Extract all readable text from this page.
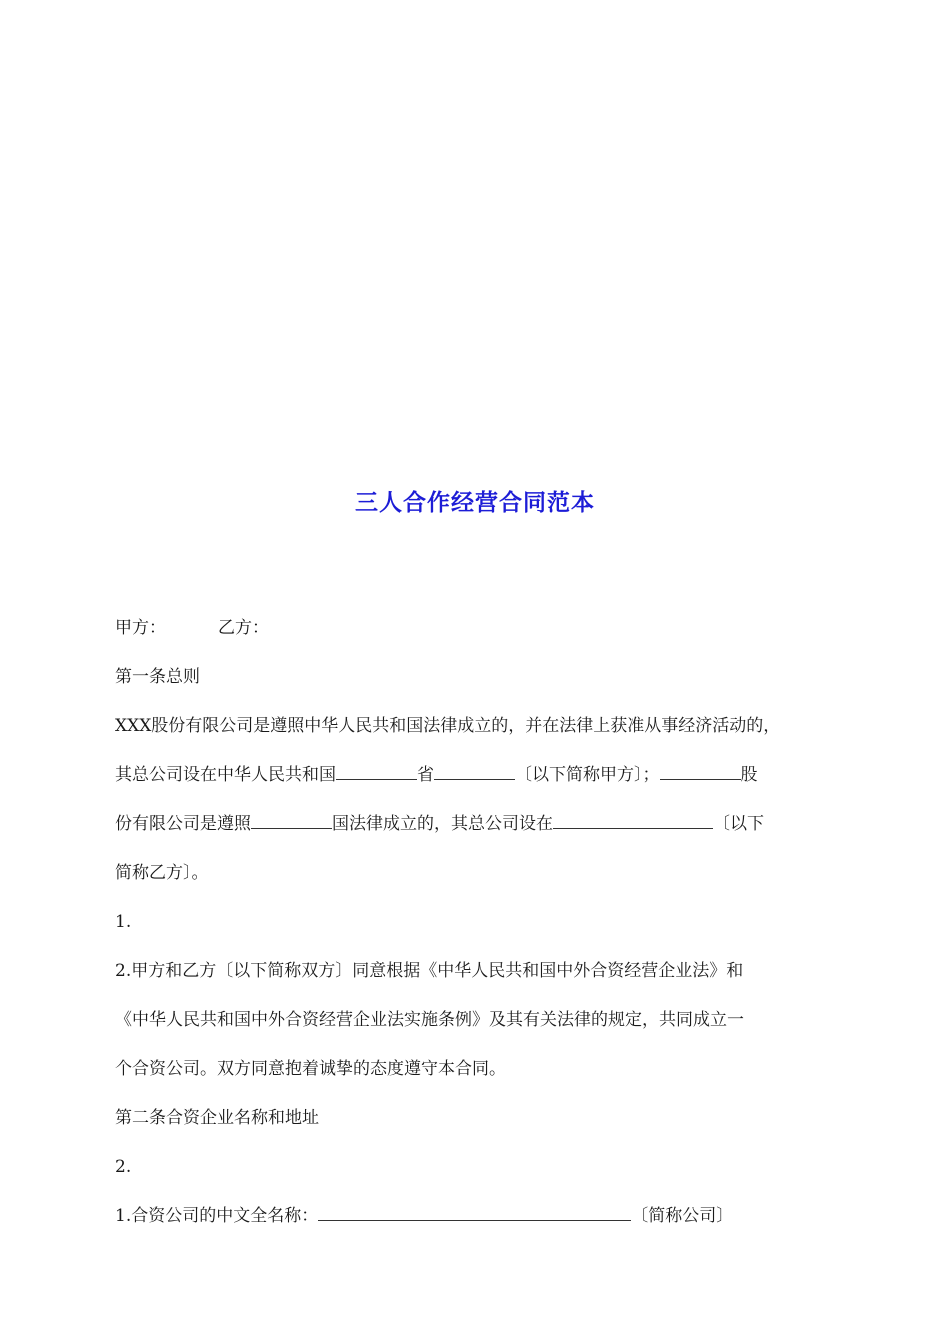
三人合作经营合同范本
甲方：	乙方：
第一条总则
XXX股份有限公司是遵照中华人民共和国法律成立的，并在法律上获准从事经济活动的，
其总公司设在中华人民共和国	省	〔以下简称甲方〕；	股
份有限公司是遵照	国法律成立的，其总公司设在	〔以下
简称乙方〕。
1.
2.甲方和乙方〔以下简称双方〕同意根据《中华人民共和国中外合资经营企业法》和
《中华人民共和国中外合资经营企业法实施条例》及其有关法律的规定，共同成立一
个合资公司。双方同意抱着诚挚的态度遵守本合同。
第二条合资企业名称和地址
2.
1.合资公司的中文全名称：	〔简称公司〕
